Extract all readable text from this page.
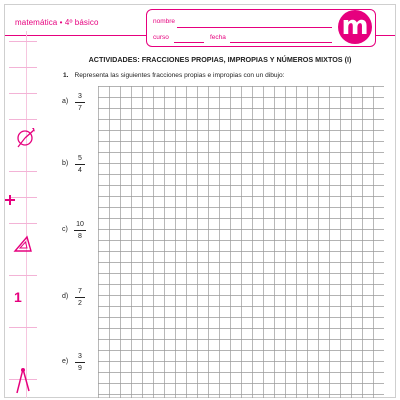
matemática • 4º básico	nombre
curso	fecha	m
1
ACTIVIDADES: FRACCIONES PROPIAS, IMPROPIAS Y NÚMEROS MIXTOS (I)
1. Representa las siguientes fracciones propias e impropias con un dibujo:
a)
3
7
b)
5
4
c)
10
8
d)
7
2
e)
3
9
